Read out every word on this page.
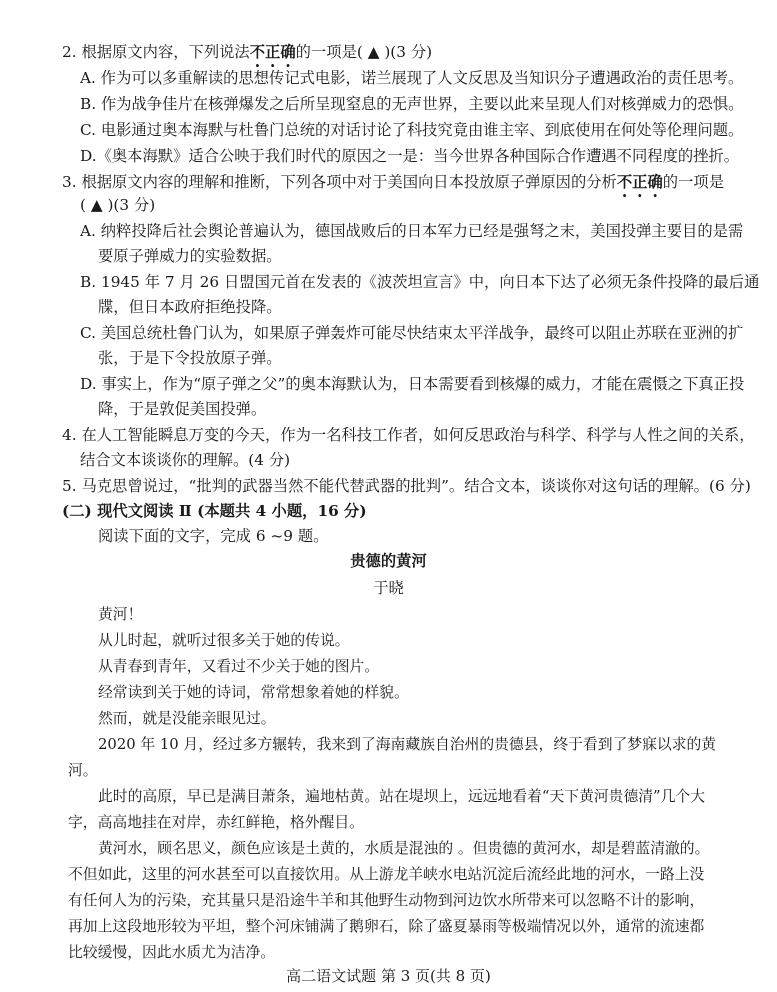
2. 根据原文内容，下列说法不正确的一项是( ▲ )(3 分)
A. 作为可以多重解读的思想传记式电影，诺兰展现了人文反思及当知识分子遭遇政治的责任思考。
B. 作为战争佳片在核弹爆发之后所呈现窒息的无声世界，主要以此来呈现人们对核弹威力的恐惧。
C. 电影通过奥本海默与杜鲁门总统的对话讨论了科技究竟由谁主宰、到底使用在何处等伦理问题。
D.《奥本海默》适合公映于我们时代的原因之一是：当今世界各种国际合作遭遇不同程度的挫折。
3. 根据原文内容的理解和推断，下列各项中对于美国向日本投放原子弹原因的分析不正确的一项是
( ▲ )(3 分)
A. 纳粹投降后社会舆论普遍认为，德国战败后的日本军力已经是强弩之末，美国投弹主要目的是需
要原子弹威力的实验数据。
B. 1945 年 7 月 26 日盟国元首在发表的《波茨坦宣言》中，向日本下达了必须无条件投降的最后通
牒，但日本政府拒绝投降。
C. 美国总统杜鲁门认为，如果原子弹轰炸可能尽快结束太平洋战争，最终可以阻止苏联在亚洲的扩
张，于是下令投放原子弹。
D. 事实上，作为“原子弹之父”的奥本海默认为，日本需要看到核爆的威力，才能在震慑之下真正投
降，于是敦促美国投弹。
4. 在人工智能瞬息万变的今天，作为一名科技工作者，如何反思政治与科学、科学与人性之间的关系，
结合文本谈谈你的理解。(4 分)
5. 马克思曾说过，“批判的武器当然不能代替武器的批判”。结合文本，谈谈你对这句话的理解。(6 分)
(二) 现代文阅读 Ⅱ (本题共 4 小题，16 分)
阅读下面的文字，完成 6 ~9 题。
贵德的黄河
于晓
黄河！
从儿时起，就听过很多关于她的传说。
从青春到青年，又看过不少关于她的图片。
经常读到关于她的诗词，常常想象着她的样貌。
然而，就是没能亲眼见过。
2020 年 10 月，经过多方辗转，我来到了海南藏族自治州的贵德县，终于看到了梦寐以求的黄
河。
此时的高原，早已是满目萧条，遍地枯黄。站在堤坝上，远远地看着“天下黄河贵德清”几个大
字，高高地挂在对岸，赤红鲜艳，格外醒目。
黄河水，顾名思义，颜色应该是土黄的，水质是混浊的 。但贵德的黄河水，却是碧蓝清澈的。
不但如此，这里的河水甚至可以直接饮用。从上游龙羊峡水电站沉淀后流经此地的河水，一路上没
有任何人为的污染，充其量只是沿途牛羊和其他野生动物到河边饮水所带来可以忽略不计的影响，
再加上这段地形较为平坦，整个河床铺满了鹅卵石，除了盛夏暴雨等极端情况以外，通常的流速都
比较缓慢，因此水质尤为洁净。
高二语文试题 第 3 页(共 8 页)
